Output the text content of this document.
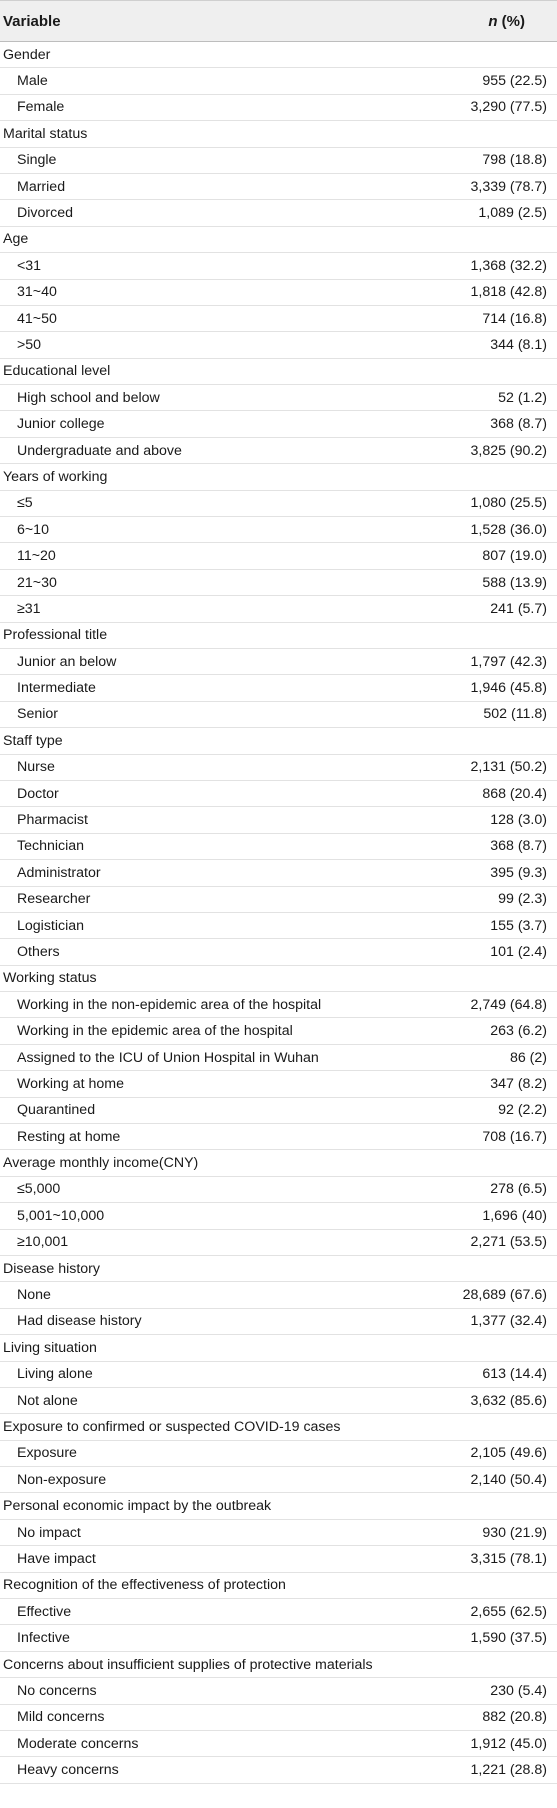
Variable	n (%)
Gender
Male	955 (22.5)
Female	3,290 (77.5)
Marital status
Single	798 (18.8)
Married	3,339 (78.7)
Divorced	1,089 (2.5)
Age
<31	1,368 (32.2)
31~40	1,818 (42.8)
41~50	714 (16.8)
>50	344 (8.1)
Educational level
High school and below	52 (1.2)
Junior college	368 (8.7)
Undergraduate and above	3,825 (90.2)
Years of working
≤5	1,080 (25.5)
6~10	1,528 (36.0)
11~20	807 (19.0)
21~30	588 (13.9)
≥31	241 (5.7)
Professional title
Junior an below	1,797 (42.3)
Intermediate	1,946 (45.8)
Senior	502 (11.8)
Staff type
Nurse	2,131 (50.2)
Doctor	868 (20.4)
Pharmacist	128 (3.0)
Technician	368 (8.7)
Administrator	395 (9.3)
Researcher	99 (2.3)
Logistician	155 (3.7)
Others	101 (2.4)
Working status
Working in the non-epidemic area of the hospital	2,749 (64.8)
Working in the epidemic area of the hospital	263 (6.2)
Assigned to the ICU of Union Hospital in Wuhan	86 (2)
Working at home	347 (8.2)
Quarantined	92 (2.2)
Resting at home	708 (16.7)
Average monthly income(CNY)
≤5,000	278 (6.5)
5,001~10,000	1,696 (40)
≥10,001	2,271 (53.5)
Disease history
None	28,689 (67.6)
Had disease history	1,377 (32.4)
Living situation
Living alone	613 (14.4)
Not alone	3,632 (85.6)
Exposure to confirmed or suspected COVID-19 cases
Exposure	2,105 (49.6)
Non-exposure	2,140 (50.4)
Personal economic impact by the outbreak
No impact	930 (21.9)
Have impact	3,315 (78.1)
Recognition of the effectiveness of protection
Effective	2,655 (62.5)
Infective	1,590 (37.5)
Concerns about insufficient supplies of protective materials
No concerns	230 (5.4)
Mild concerns	882 (20.8)
Moderate concerns	1,912 (45.0)
Heavy concerns	1,221 (28.8)
